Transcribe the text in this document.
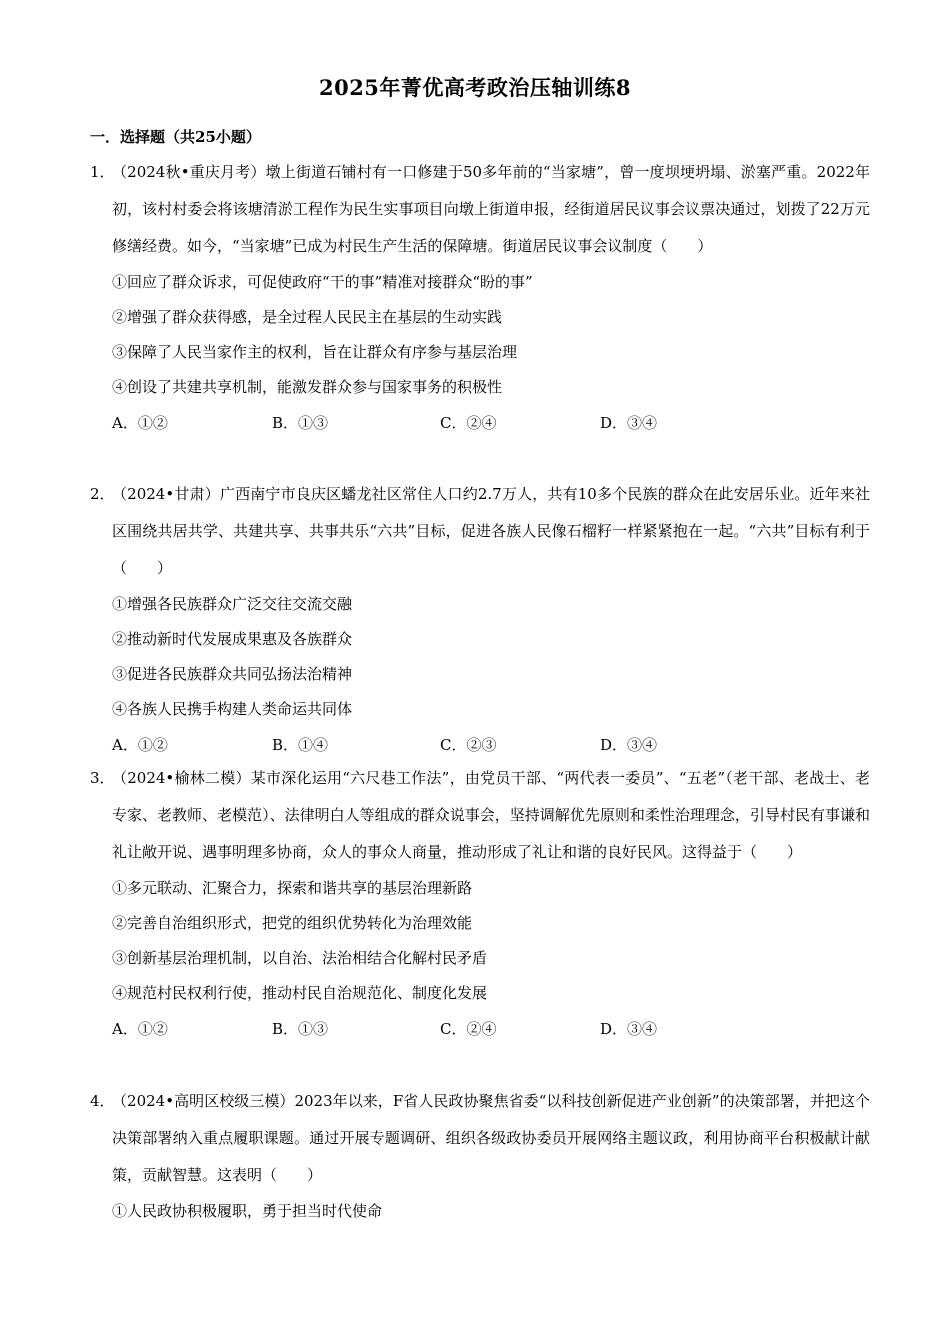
2025年菁优高考政治压轴训练8
一．选择题（共25小题）
1．
（2024秋•重庆月考）墩上街道石铺村有一口修建于50多年前的“当家塘”，曾一度坝埂坍塌、淤塞严重。2022年初，该村村委会将该塘清淤工程作为民生实事项目向墩上街道申报，经街道居民议事会议票决通过，划拨了22万元修缮经费。如今，“当家塘”已成为村民生产生活的保障塘。街道居民议事会议制度（　　）
①回应了群众诉求，可促使政府“干的事”精准对接群众“盼的事”
②增强了群众获得感，是全过程人民民主在基层的生动实践
③保障了人民当家作主的权利，旨在让群众有序参与基层治理
④创设了共建共享机制，能激发群众参与国家事务的积极性
A．①②	B．①③	C．②④	D．③④
2．
（2024•甘肃）广西南宁市良庆区蟠龙社区常住人口约2.7万人，共有10多个民族的群众在此安居乐业。近年来社区围绕共居共学、共建共享、共事共乐“六共”目标，促进各族人民像石榴籽一样紧紧抱在一起。“六共”目标有利于（　　）
①增强各民族群众广泛交往交流交融
②推动新时代发展成果惠及各族群众
③促进各民族群众共同弘扬法治精神
④各族人民携手构建人类命运共同体
A．①②	B．①④	C．②③	D．③④
3．
（2024•榆林二模）某市深化运用“六尺巷工作法”，由党员干部、“两代表一委员”、“五老”（老干部、老战士、老专家、老教师、老模范）、法律明白人等组成的群众说事会，坚持调解优先原则和柔性治理理念，引导村民有事谦和礼让敞开说、遇事明理多协商，众人的事众人商量，推动形成了礼让和谐的良好民风。这得益于（　　）
①多元联动、汇聚合力，探索和谐共享的基层治理新路
②完善自治组织形式，把党的组织优势转化为治理效能
③创新基层治理机制，以自治、法治相结合化解村民矛盾
④规范村民权利行使，推动村民自治规范化、制度化发展
A．①②	B．①③	C．②④	D．③④
4．
（2024•高明区校级三模）2023年以来，F省人民政协聚焦省委“以科技创新促进产业创新”的决策部署，并把这个决策部署纳入重点履职课题。通过开展专题调研、组织各级政协委员开展网络主题议政，利用协商平台积极献计献策，贡献智慧。这表明（　　）
①人民政协积极履职，勇于担当时代使命
